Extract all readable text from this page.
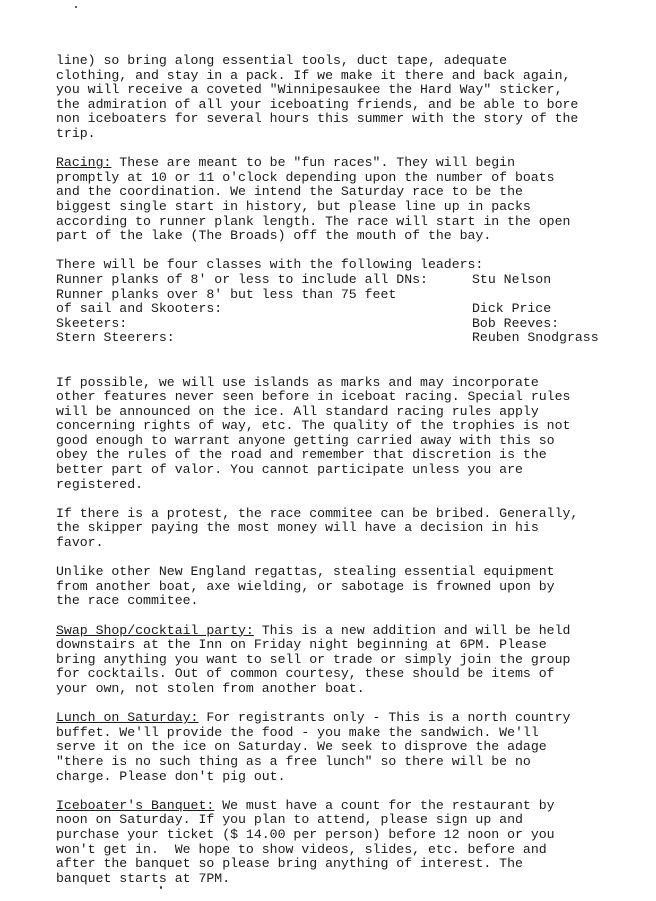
line) so bring along essential tools, duct tape, adequate
clothing, and stay in a pack. If we make it there and back again,
you will receive a coveted "Winnipesaukee the Hard Way" sticker,
the admiration of all your iceboating friends, and be able to bore
non iceboaters for several hours this summer with the story of the
trip.
Racing: These are meant to be "fun races". They will begin
promptly at 10 or 11 o'clock depending upon the number of boats
and the coordination. We intend the Saturday race to be the
biggest single start in history, but please line up in packs
according to runner plank length. The race will start in the open
part of the lake (The Broads) off the mouth of the bay.
There will be four classes with the following leaders:
Runner planks of 8' or less to include all DNs:	Stu Nelson
Runner planks over 8' but less than 75 feet
of sail and Skooters:	Dick Price
Skeeters:	Bob Reeves:
Stern Steerers:	Reuben Snodgrass
If possible, we will use islands as marks and may incorporate
other features never seen before in iceboat racing. Special rules
will be announced on the ice. All standard racing rules apply
concerning rights of way, etc. The quality of the trophies is not
good enough to warrant anyone getting carried away with this so
obey the rules of the road and remember that discretion is the
better part of valor. You cannot participate unless you are
registered.
If there is a protest, the race commitee can be bribed. Generally,
the skipper paying the most money will have a decision in his
favor.
Unlike other New England regattas, stealing essential equipment
from another boat, axe wielding, or sabotage is frowned upon by
the race commitee.
Swap Shop/cocktail party: This is a new addition and will be held
downstairs at the Inn on Friday night beginning at 6PM. Please
bring anything you want to sell or trade or simply join the group
for cocktails. Out of common courtesy, these should be items of
your own, not stolen from another boat.
Lunch on Saturday: For registrants only - This is a north country
buffet. We'll provide the food - you make the sandwich. We'll
serve it on the ice on Saturday. We seek to disprove the adage
"there is no such thing as a free lunch" so there will be no
charge. Please don't pig out.
Iceboater's Banquet: We must have a count for the restaurant by
noon on Saturday. If you plan to attend, please sign up and
purchase your ticket ($ 14.00 per person) before 12 noon or you
won't get in.  We hope to show videos, slides, etc. before and
after the banquet so please bring anything of interest. The
banquet starts at 7PM.
